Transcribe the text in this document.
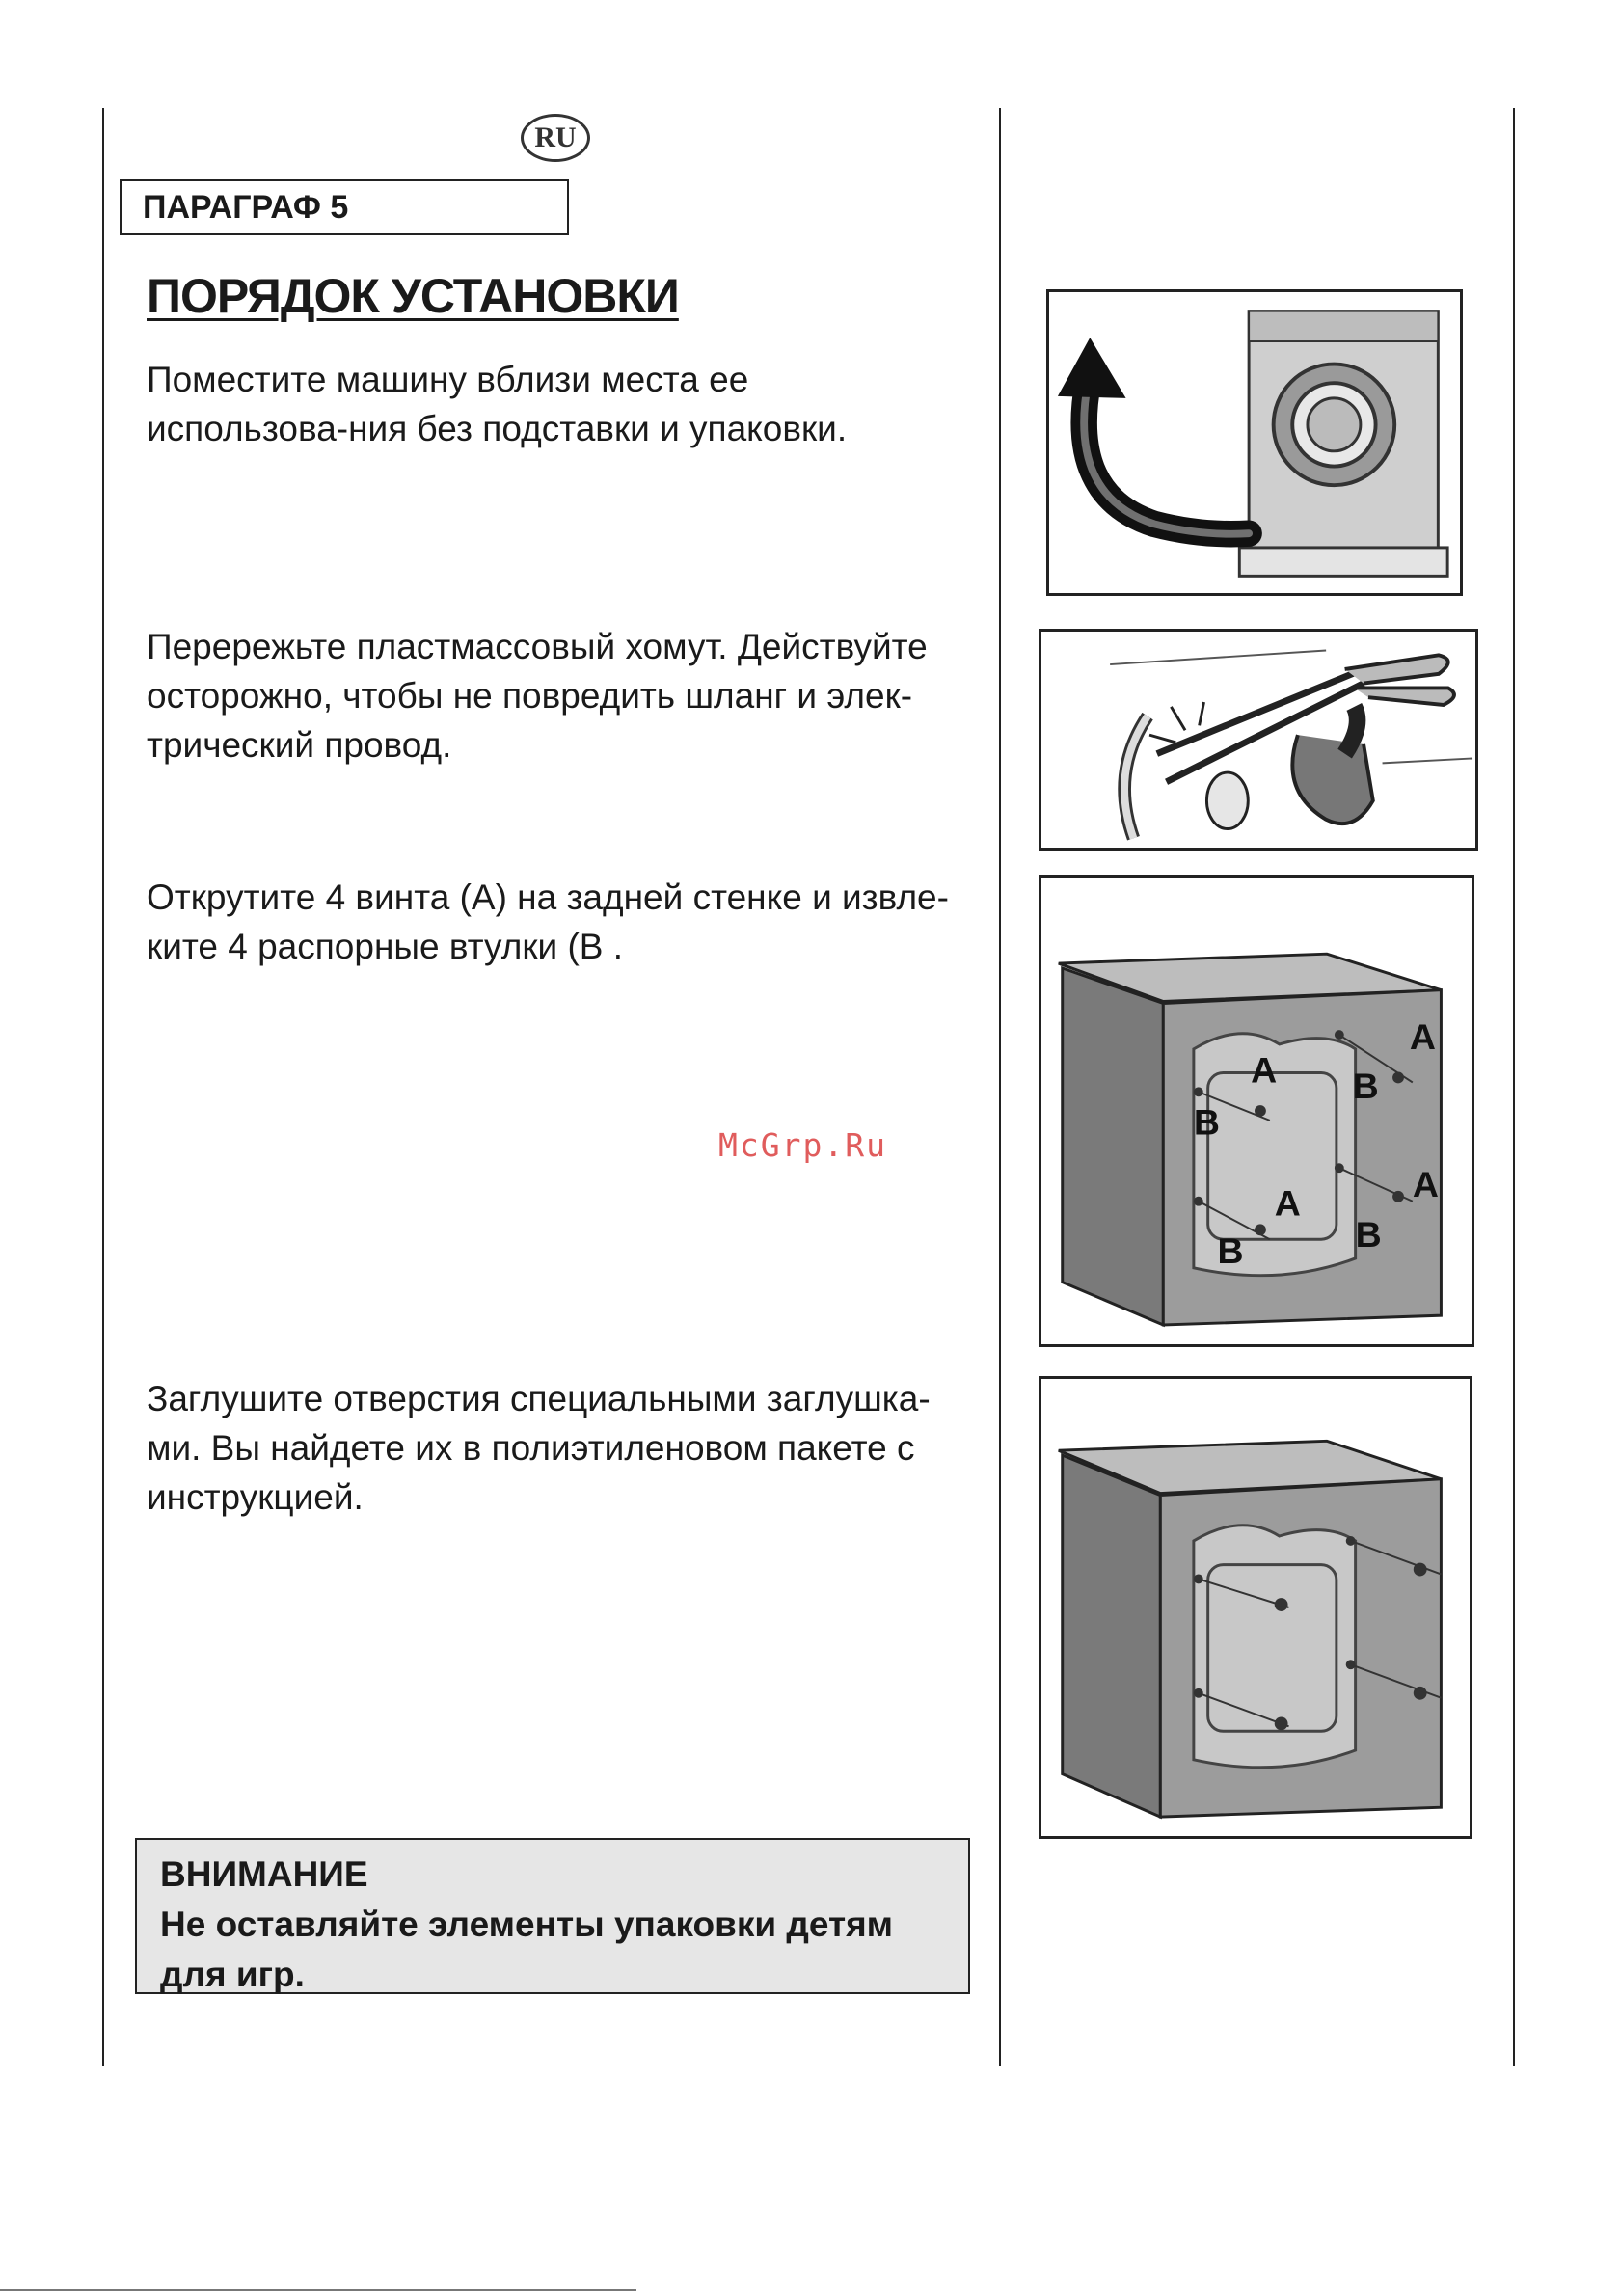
RU
ПАРАГРАФ 5
ПОРЯДОК УСТАНОВКИ
Поместите машину вблизи места ее использова-ния без подставки и упаковки.
Перережьте пластмассовый хомут. Действуйте осторожно, чтобы не повредить шланг и элек-трический провод.
Открутите 4 винта (A) на задней стенке и извле-ките 4 распорные втулки (B .
Заглушите отверстия специальными заглушка-ми. Вы найдете их в полиэтиленовом пакете с инструкцией.
McGrp.Ru
ВНИМАНИЕ
Не оставляйте элементы упаковки детям для игр.
A
B
A
B
A
B
A
B
